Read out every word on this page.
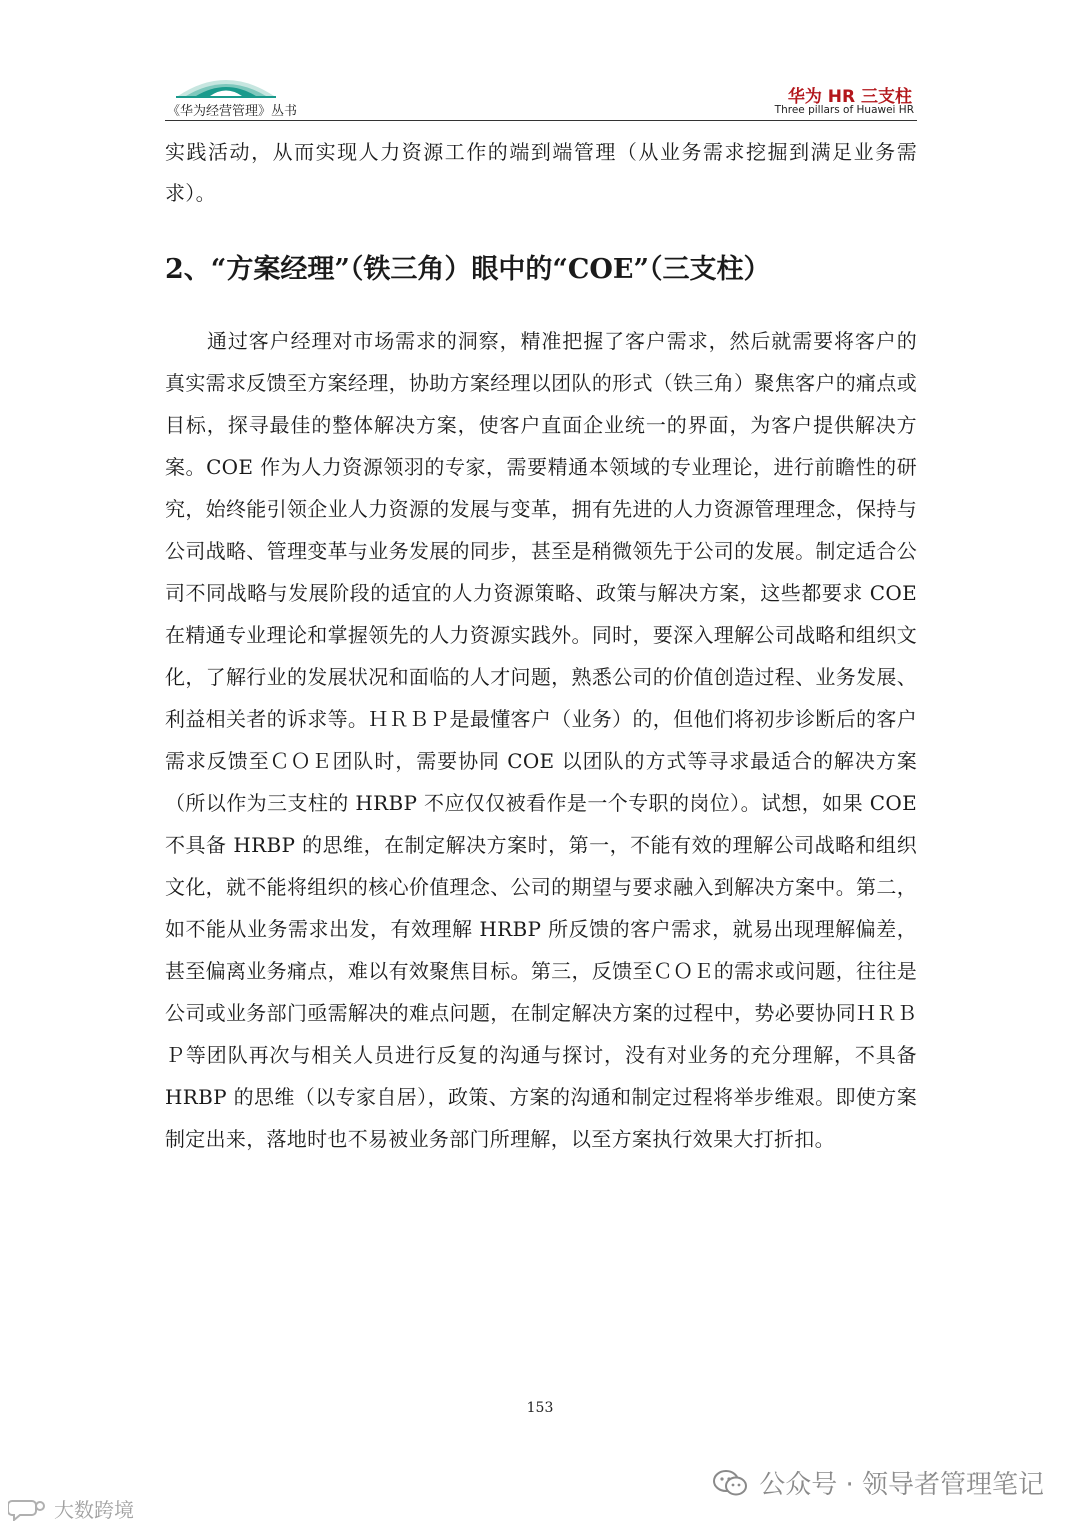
《华为经营管理》丛书
华为 HR 三支柱
Three pillars of Huawei HR

实践活动，从而实现人力资源工作的端到端管理（从业务需求挖掘到满足业务需求）。

2、“方案经理”（铁三角）眼中的“COE”（三支柱）

通过客户经理对市场需求的洞察，精准把握了客户需求，然后就需要将客户的真实需求反馈至方案经理，协助方案经理以团队的形式（铁三角）聚焦客户的痛点或目标，探寻最佳的整体解决方案，使客户直面企业统一的界面，为客户提供解决方案。COE 作为人力资源领羽的专家，需要精通本领域的专业理论，进行前瞻性的研究，始终能引领企业人力资源的发展与变革，拥有先进的人力资源管理理念，保持与公司战略、管理变革与业务发展的同步，甚至是稍微领先于公司的发展。制定适合公司不同战略与发展阶段的适宜的人力资源策略、政策与解决方案，这些都要求 COE 在精通专业理论和掌握领先的人力资源实践外。同时，要深入理解公司战略和组织文化，了解行业的发展状况和面临的人才问题，熟悉公司的价值创造过程、业务发展、利益相关者的诉求等。ＨＲＢＰ是最懂客户（业务）的，但他们将初步诊断后的客户需求反馈至ＣＯＥ团队时，需要协同 COE 以团队的方式等寻求最适合的解决方案（所以作为三支柱的 HRBP 不应仅仅被看作是一个专职的岗位）。试想，如果 COE 不具备 HRBP 的思维，在制定解决方案时，第一，不能有效的理解公司战略和组织文化，就不能将组织的核心价值理念、公司的期望与要求融入到解决方案中。第二，如不能从业务需求出发，有效理解 HRBP 所反馈的客户需求，就易出现理解偏差，甚至偏离业务痛点，难以有效聚焦目标。第三，反馈至ＣＯＥ的需求或问题，往往是公司或业务部门亟需解决的难点问题，在制定解决方案的过程中，势必要协同ＨＲＢＰ等团队再次与相关人员进行反复的沟通与探讨，没有对业务的充分理解，不具备 HRBP 的思维（以专家自居），政策、方案的沟通和制定过程将举步维艰。即使方案制定出来，落地时也不易被业务部门所理解，以至方案执行效果大打折扣。

153
公众号 · 领导者管理笔记
大数跨境
